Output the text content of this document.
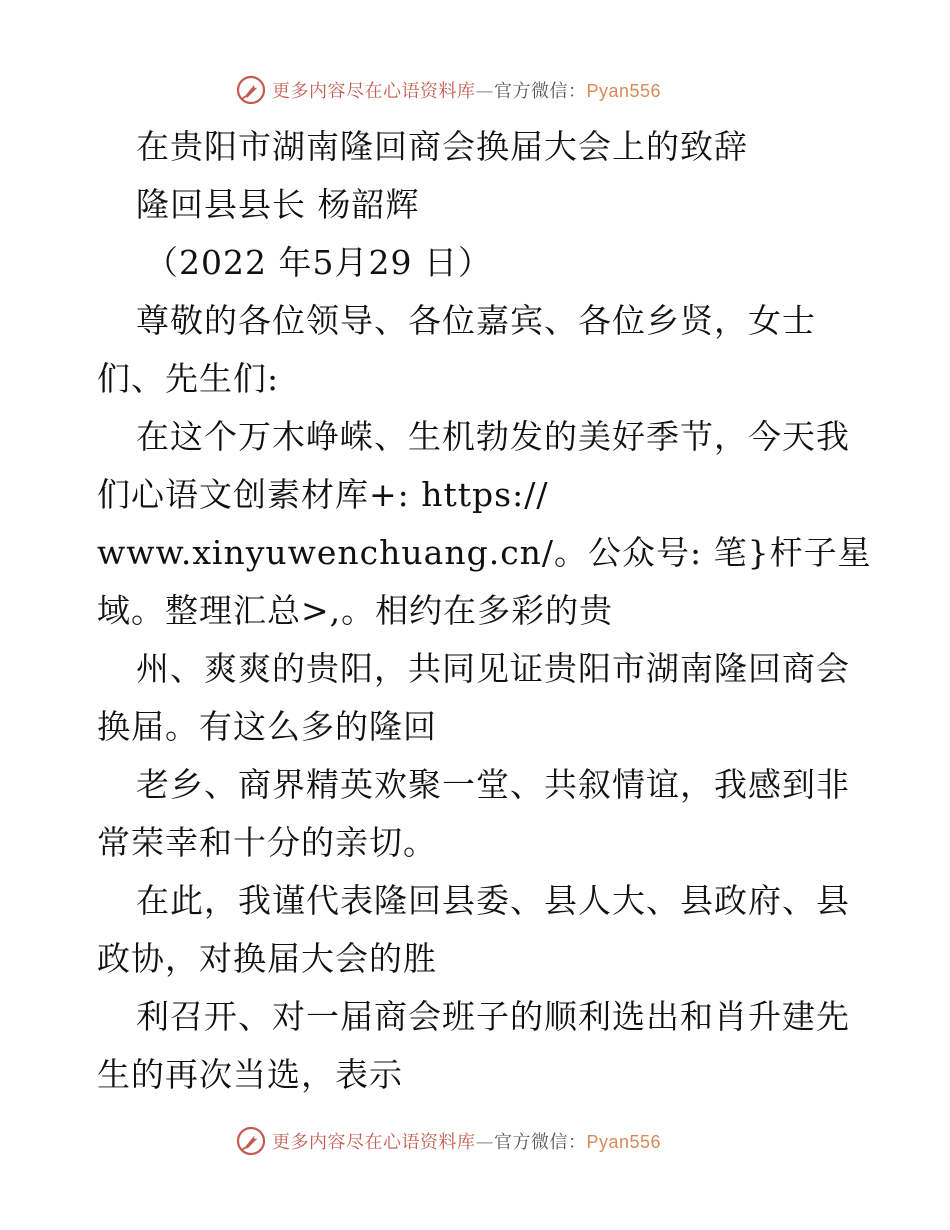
更多内容尽在心语资料库—官方微信：Pyan556
在贵阳市湖南隆回商会换届大会上的致辞
隆回县县长 杨韶辉
（2022 年5月29 日）
尊敬的各位领导、各位嘉宾、各位乡贤，女士
们、先生们:
在这个万木峥嵘、生机勃发的美好季节，今天我
们心语文创素材库+: https://
www.xinyuwenchuang.cn/。公众号: 笔}杆子星
域。整理汇总>,。相约在多彩的贵
州、爽爽的贵阳，共同见证贵阳市湖南隆回商会
换届。有这么多的隆回
老乡、商界精英欢聚一堂、共叙情谊，我感到非
常荣幸和十分的亲切。
在此，我谨代表隆回县委、县人大、县政府、县
政协，对换届大会的胜
利召开、对一届商会班子的顺利选出和肖升建先
生的再次当选，表示
更多内容尽在心语资料库—官方微信：Pyan556
